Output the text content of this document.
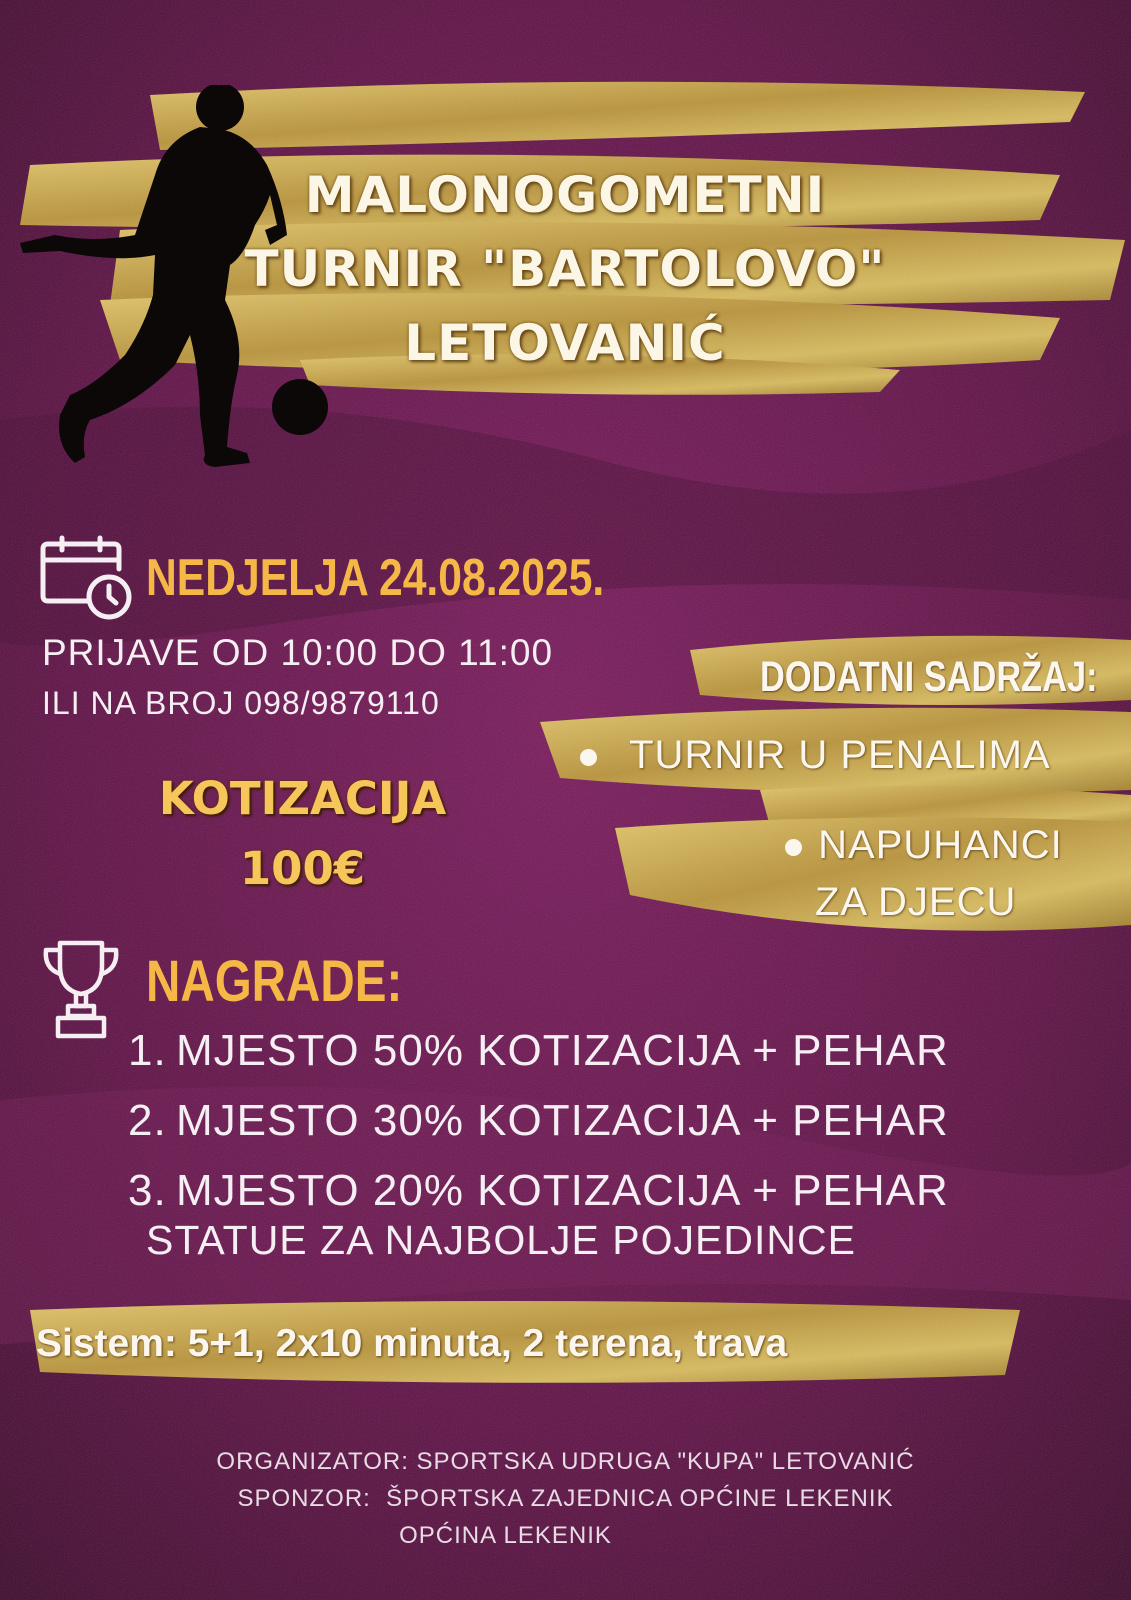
MALONOGOMETNI
TURNIR "BARTOLOVO"
LETOVANIĆ
NEDJELJA 24.08.2025.
PRIJAVE OD 10:00 DO 11:00
ILI NA BROJ 098/9879110
KOTIZACIJA
100€
DODATNI SADRŽAJ:
TURNIR U PENALIMA
NAPUHANCI
ZA DJECU
NAGRADE:
1. MJESTO 50% KOTIZACIJA + PEHAR
2. MJESTO 30% KOTIZACIJA + PEHAR
3. MJESTO 20% KOTIZACIJA + PEHAR
STATUE ZA NAJBOLJE POJEDINCE
Sistem: 5+1, 2x10 minuta, 2 terena, trava
ORGANIZATOR: SPORTSKA UDRUGA "KUPA" LETOVANIĆ
SPONZOR:  ŠPORTSKA ZAJEDNICA OPĆINE LEKENIK
OPĆINA LEKENIK
